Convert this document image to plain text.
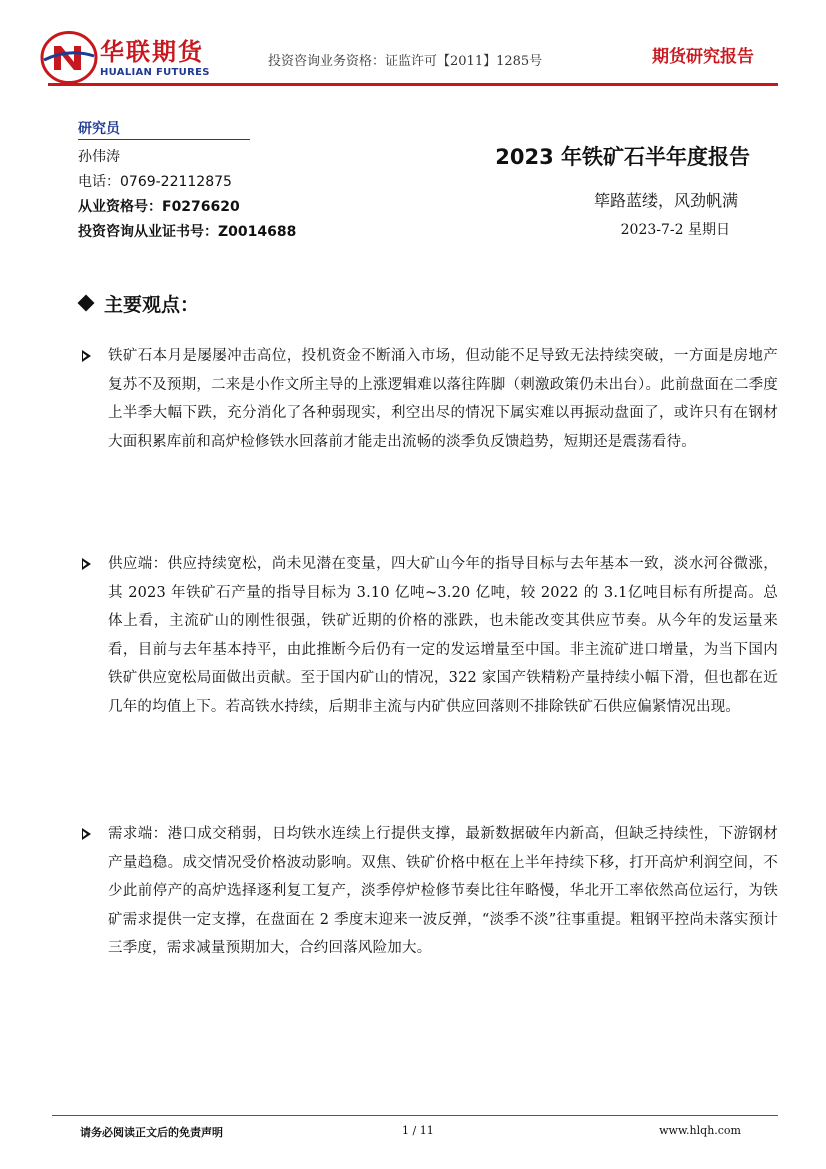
华联期货
HUALIAN FUTURES
投资咨询业务资格：证监许可【2011】1285号	期货研究报告
研究员
孙伟涛
电话：0769-22112875
从业资格号：F0276620
投资咨询从业证书号：Z0014688
2023 年铁矿石半年度报告
筚路蓝缕，风劲帆满
2023-7-2 星期日
主要观点：

铁矿石本月是屡屡冲击高位，投机资金不断涌入市场，但动能不足导致无法持续突破，一方面是房地产复苏不及预期，二来是小作文所主导的上涨逻辑难以落往阵脚（刺激政策仍未出台）。此前盘面在二季度上半季大幅下跌，充分消化了各种弱现实，利空出尽的情况下属实难以再振动盘面了，或许只有在钢材大面积累库前和高炉检修铁水回落前才能走出流畅的淡季负反馈趋势，短期还是震荡看待。

供应端：供应持续宽松，尚未见潜在变量，四大矿山今年的指导目标与去年基本一致，淡水河谷微涨，其 2023 年铁矿石产量的指导目标为 3.10 亿吨~3.20 亿吨，较 2022 的 3.1亿吨目标有所提高。总体上看，主流矿山的刚性很强，铁矿近期的价格的涨跌，也未能改变其供应节奏。从今年的发运量来看，目前与去年基本持平，由此推断今后仍有一定的发运增量至中国。非主流矿进口增量，为当下国内铁矿供应宽松局面做出贡献。至于国内矿山的情况，322 家国产铁精粉产量持续小幅下滑，但也都在近几年的均值上下。若高铁水持续，后期非主流与内矿供应回落则不排除铁矿石供应偏紧情况出现。

需求端：港口成交稍弱，日均铁水连续上行提供支撑，最新数据破年内新高，但缺乏持续性，下游钢材产量趋稳。成交情况受价格波动影响。双焦、铁矿价格中枢在上半年持续下移，打开高炉利润空间，不少此前停产的高炉选择逐利复工复产，淡季停炉检修节奏比往年略慢，华北开工率依然高位运行，为铁矿需求提供一定支撑，在盘面在 2 季度末迎来一波反弹，“淡季不淡”往事重提。粗钢平控尚未落实预计三季度，需求减量预期加大，合约回落风险加大。

请务必阅读正文后的免责声明	1 / 11	www.hlqh.com
